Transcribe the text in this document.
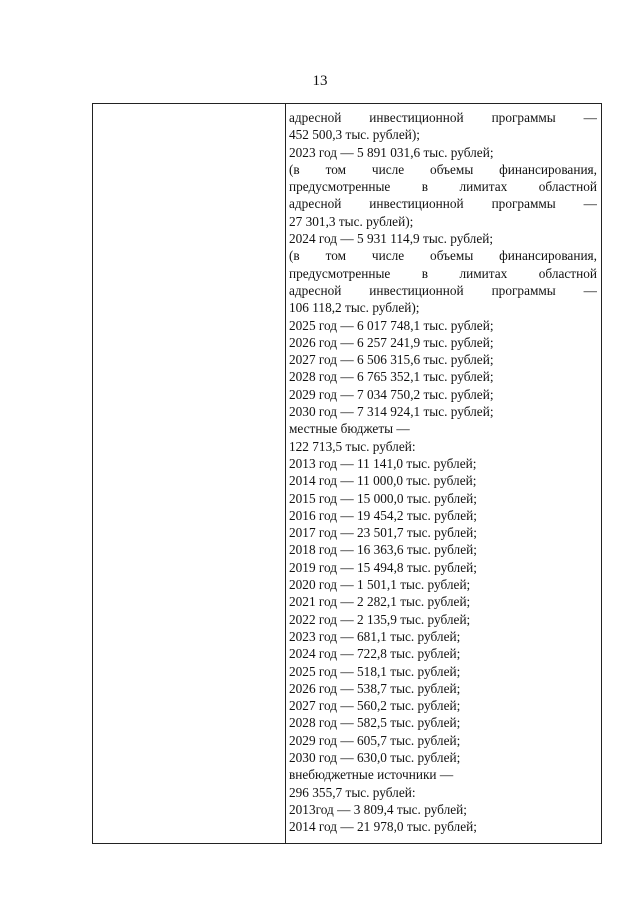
13
адресной инвестиционной программы —
452 500,3 тыс. рублей);
2023 год — 5 891 031,6 тыс. рублей;
(в том числе объемы финансирования,
предусмотренные в лимитах областной
адресной инвестиционной программы —
27 301,3 тыс. рублей);
2024 год — 5 931 114,9 тыс. рублей;
(в том числе объемы финансирования,
предусмотренные в лимитах областной
адресной инвестиционной программы —
106 118,2 тыс. рублей);
2025 год — 6 017 748,1 тыс. рублей;
2026 год — 6 257 241,9 тыс. рублей;
2027 год — 6 506 315,6 тыс. рублей;
2028 год — 6 765 352,1 тыс. рублей;
2029 год — 7 034 750,2 тыс. рублей;
2030 год — 7 314 924,1 тыс. рублей;
местные бюджеты —
122 713,5 тыс. рублей:
2013 год — 11 141,0 тыс. рублей;
2014 год — 11 000,0 тыс. рублей;
2015 год — 15 000,0 тыс. рублей;
2016 год — 19 454,2 тыс. рублей;
2017 год — 23 501,7 тыс. рублей;
2018 год — 16 363,6 тыс. рублей;
2019 год — 15 494,8 тыс. рублей;
2020 год — 1 501,1 тыс. рублей;
2021 год — 2 282,1 тыс. рублей;
2022 год — 2 135,9 тыс. рублей;
2023 год — 681,1 тыс. рублей;
2024 год — 722,8 тыс. рублей;
2025 год — 518,1 тыс. рублей;
2026 год — 538,7 тыс. рублей;
2027 год — 560,2 тыс. рублей;
2028 год — 582,5 тыс. рублей;
2029 год — 605,7 тыс. рублей;
2030 год — 630,0 тыс. рублей;
внебюджетные источники —
296 355,7 тыс. рублей:
2013год — 3 809,4 тыс. рублей;
2014 год — 21 978,0 тыс. рублей;
